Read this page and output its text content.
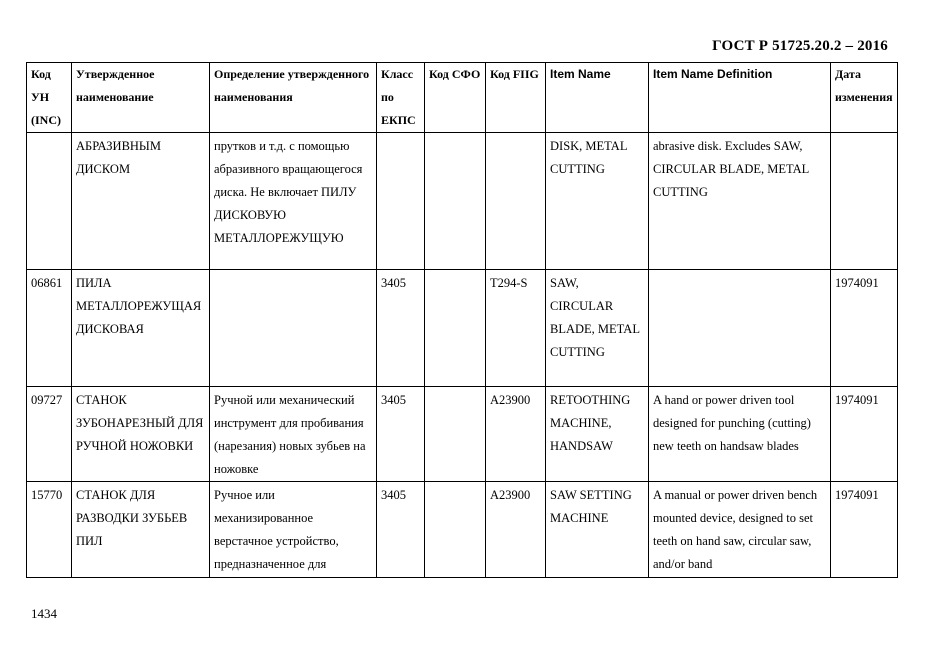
ГОСТ Р 51725.20.2 – 2016
Код УН (INC)	Утвержденное наименование	Определение утвержденного наименования	Класс по ЕКПС	Код СФО	Код FIIG	Item Name	Item Name Definition	Дата изменения
	АБРАЗИВНЫМ ДИСКОМ	прутков и т.д. с помощью абразивного вращающегося диска. Не включает ПИЛУ ДИСКОВУЮ МЕТАЛЛОРЕЖУЩУЮ				DISK, METAL CUTTING	abrasive disk. Excludes SAW, CIRCULAR BLADE, METAL CUTTING	
06861	ПИЛА МЕТАЛЛОРЕЖУЩАЯ ДИСКОВАЯ		3405		T294-S	SAW, CIRCULAR BLADE, METAL CUTTING		1974091
09727	СТАНОК ЗУБОНАРЕЗНЫЙ ДЛЯ РУЧНОЙ НОЖОВКИ	Ручной или механический инструмент для пробивания (нарезания) новых зубьев на ножовке	3405		A23900	RETOOTHING MACHINE, HANDSAW	A hand or power driven tool designed for punching (cutting) new teeth on handsaw blades	1974091
15770	СТАНОК ДЛЯ РАЗВОДКИ ЗУБЬЕВ ПИЛ	Ручное или механизированное верстачное устройство, предназначенное для	3405		A23900	SAW SETTING MACHINE	A manual or power driven bench mounted device, designed to set teeth on hand saw, circular saw, and/or band	1974091
1434
